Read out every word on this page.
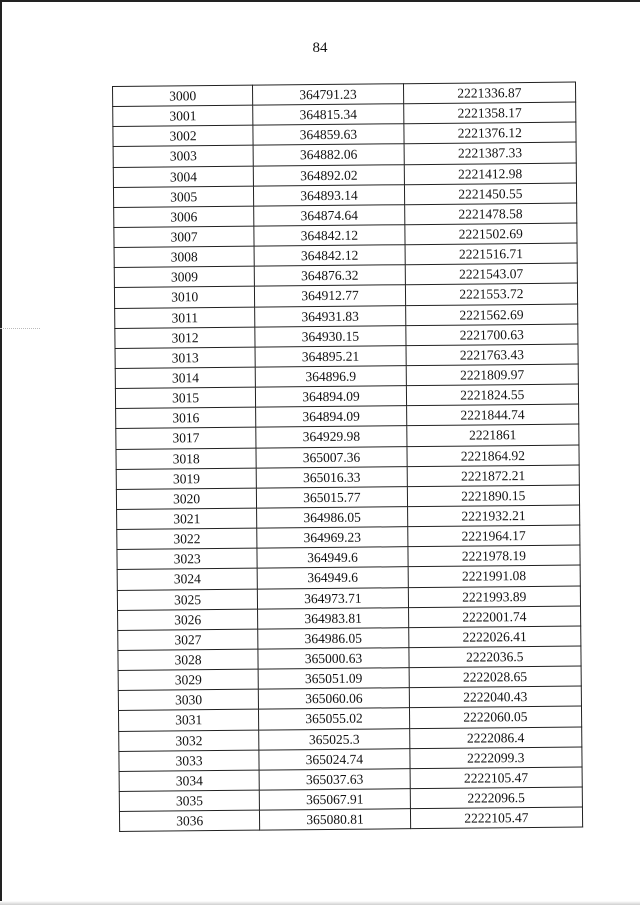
84
3000	364791.23	2221336.87
3001	364815.34	2221358.17
3002	364859.63	2221376.12
3003	364882.06	2221387.33
3004	364892.02	2221412.98
3005	364893.14	2221450.55
3006	364874.64	2221478.58
3007	364842.12	2221502.69
3008	364842.12	2221516.71
3009	364876.32	2221543.07
3010	364912.77	2221553.72
3011	364931.83	2221562.69
3012	364930.15	2221700.63
3013	364895.21	2221763.43
3014	364896.9	2221809.97
3015	364894.09	2221824.55
3016	364894.09	2221844.74
3017	364929.98	2221861
3018	365007.36	2221864.92
3019	365016.33	2221872.21
3020	365015.77	2221890.15
3021	364986.05	2221932.21
3022	364969.23	2221964.17
3023	364949.6	2221978.19
3024	364949.6	2221991.08
3025	364973.71	2221993.89
3026	364983.81	2222001.74
3027	364986.05	2222026.41
3028	365000.63	2222036.5
3029	365051.09	2222028.65
3030	365060.06	2222040.43
3031	365055.02	2222060.05
3032	365025.3	2222086.4
3033	365024.74	2222099.3
3034	365037.63	2222105.47
3035	365067.91	2222096.5
3036	365080.81	2222105.47
